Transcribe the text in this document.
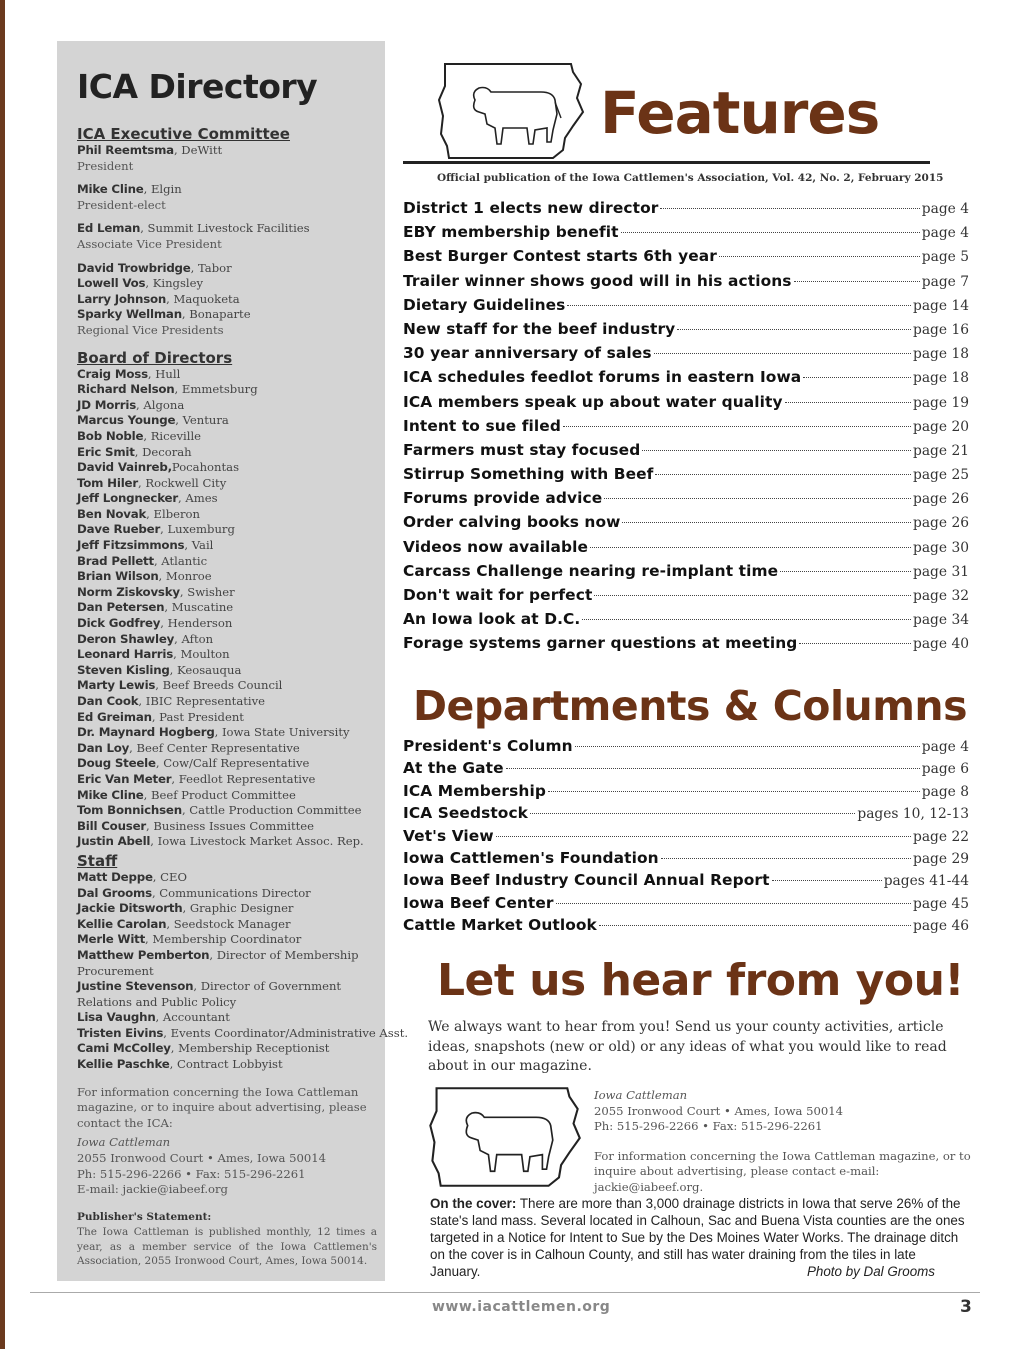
ICA Directory
ICA Executive Committee
Phil Reemtsma, DeWitt
President
Mike Cline, Elgin
President-elect
Ed Leman, Summit Livestock Facilities
Associate Vice President
David Trowbridge, Tabor
Lowell Vos, Kingsley
Larry Johnson, Maquoketa
Sparky Wellman, Bonaparte
Regional Vice Presidents
Board of Directors
Craig Moss, Hull
Richard Nelson, Emmetsburg
JD Morris, Algona
Marcus Younge, Ventura
Bob Noble, Riceville
Eric Smit, Decorah
David Vainreb,Pocahontas
Tom Hiler, Rockwell City
Jeff Longnecker, Ames
Ben Novak, Elberon
Dave Rueber, Luxemburg
Jeff Fitzsimmons, Vail
Brad Pellett, Atlantic
Brian Wilson, Monroe
Norm Ziskovsky, Swisher
Dan Petersen, Muscatine
Dick Godfrey, Henderson
Deron Shawley, Afton
Leonard Harris, Moulton
Steven Kisling, Keosauqua
Marty Lewis, Beef Breeds Council
Dan Cook, IBIC Representative
Ed Greiman, Past President
Dr. Maynard Hogberg, Iowa State University
Dan Loy, Beef Center Representative
Doug Steele, Cow/Calf Representative
Eric Van Meter, Feedlot Representative
Mike Cline, Beef Product Committee
Tom Bonnichsen, Cattle Production Committee
Bill Couser, Business Issues Committee
Justin Abell, Iowa Livestock Market Assoc. Rep.
Staff
Matt Deppe, CEO
Dal Grooms, Communications Director
Jackie Ditsworth, Graphic Designer
Kellie Carolan, Seedstock Manager
Merle Witt, Membership Coordinator
Matthew Pemberton, Director of Membership Procurement
Justine Stevenson, Director of Government Relations and Public Policy
Lisa Vaughn, Accountant
Tristen Eivins, Events Coordinator/Administrative Asst.
Cami McColley, Membership Receptionist
Kellie Paschke, Contract Lobbyist
For information concerning the Iowa Cattleman magazine, or to inquire about advertising, please contact the ICA:
Iowa Cattleman
2055 Ironwood Court • Ames, Iowa 50014
Ph: 515-296-2266 • Fax: 515-296-2261
E-mail: jackie@iabeef.org
Publisher's Statement:
The Iowa Cattleman is published monthly, 12 times a year, as a member service of the Iowa Cattlemen's Association, 2055 Ironwood Court, Ames, Iowa 50014.
Features
Official publication of the Iowa Cattlemen's Association, Vol. 42, No. 2, February 2015
District 1 elects new director	page 4
EBY membership benefit	page 4
Best Burger Contest starts 6th year	page 5
Trailer winner shows good will in his actions	page 7
Dietary Guidelines	page 14
New staff for the beef industry	page 16
30 year anniversary of sales	page 18
ICA schedules feedlot forums in eastern Iowa	page 18
ICA members speak up about water quality	page 19
Intent to sue filed	page 20
Farmers must stay focused	page 21
Stirrup Something with Beef	page 25
Forums provide advice	page 26
Order calving books now	page 26
Videos now available	page 30
Carcass Challenge nearing re-implant time	page 31
Don't wait for perfect	page 32
An Iowa look at D.C.	page 34
Forage systems garner questions at meeting	page 40
Departments & Columns
President's Column	page 4
At the Gate	page 6
ICA Membership	page 8
ICA Seedstock	pages 10, 12-13
Vet's View	page 22
Iowa Cattlemen's Foundation	page 29
Iowa Beef Industry Council Annual Report	pages 41-44
Iowa Beef Center	page 45
Cattle Market Outlook	page 46
Let us hear from you!
We always want to hear from you! Send us your county activities, article ideas, snapshots (new or old) or any ideas of what you would like to read about in our magazine.
Iowa Cattleman
2055 Ironwood Court • Ames, Iowa 50014
Ph: 515-296-2266 • Fax: 515-296-2261
For information concerning the Iowa Cattleman magazine, or to inquire about advertising, please contact e-mail: jackie@iabeef.org.
On the cover: There are more than 3,000 drainage districts in Iowa that serve 26% of the state's land mass. Several located in Calhoun, Sac and Buena Vista counties are the ones targeted in a Notice for Intent to Sue by the Des Moines Water Works. The drainage ditch on the cover is in Calhoun County, and still has water draining from the tiles in late January.	Photo by Dal Grooms
www.iacattlemen.org	3
